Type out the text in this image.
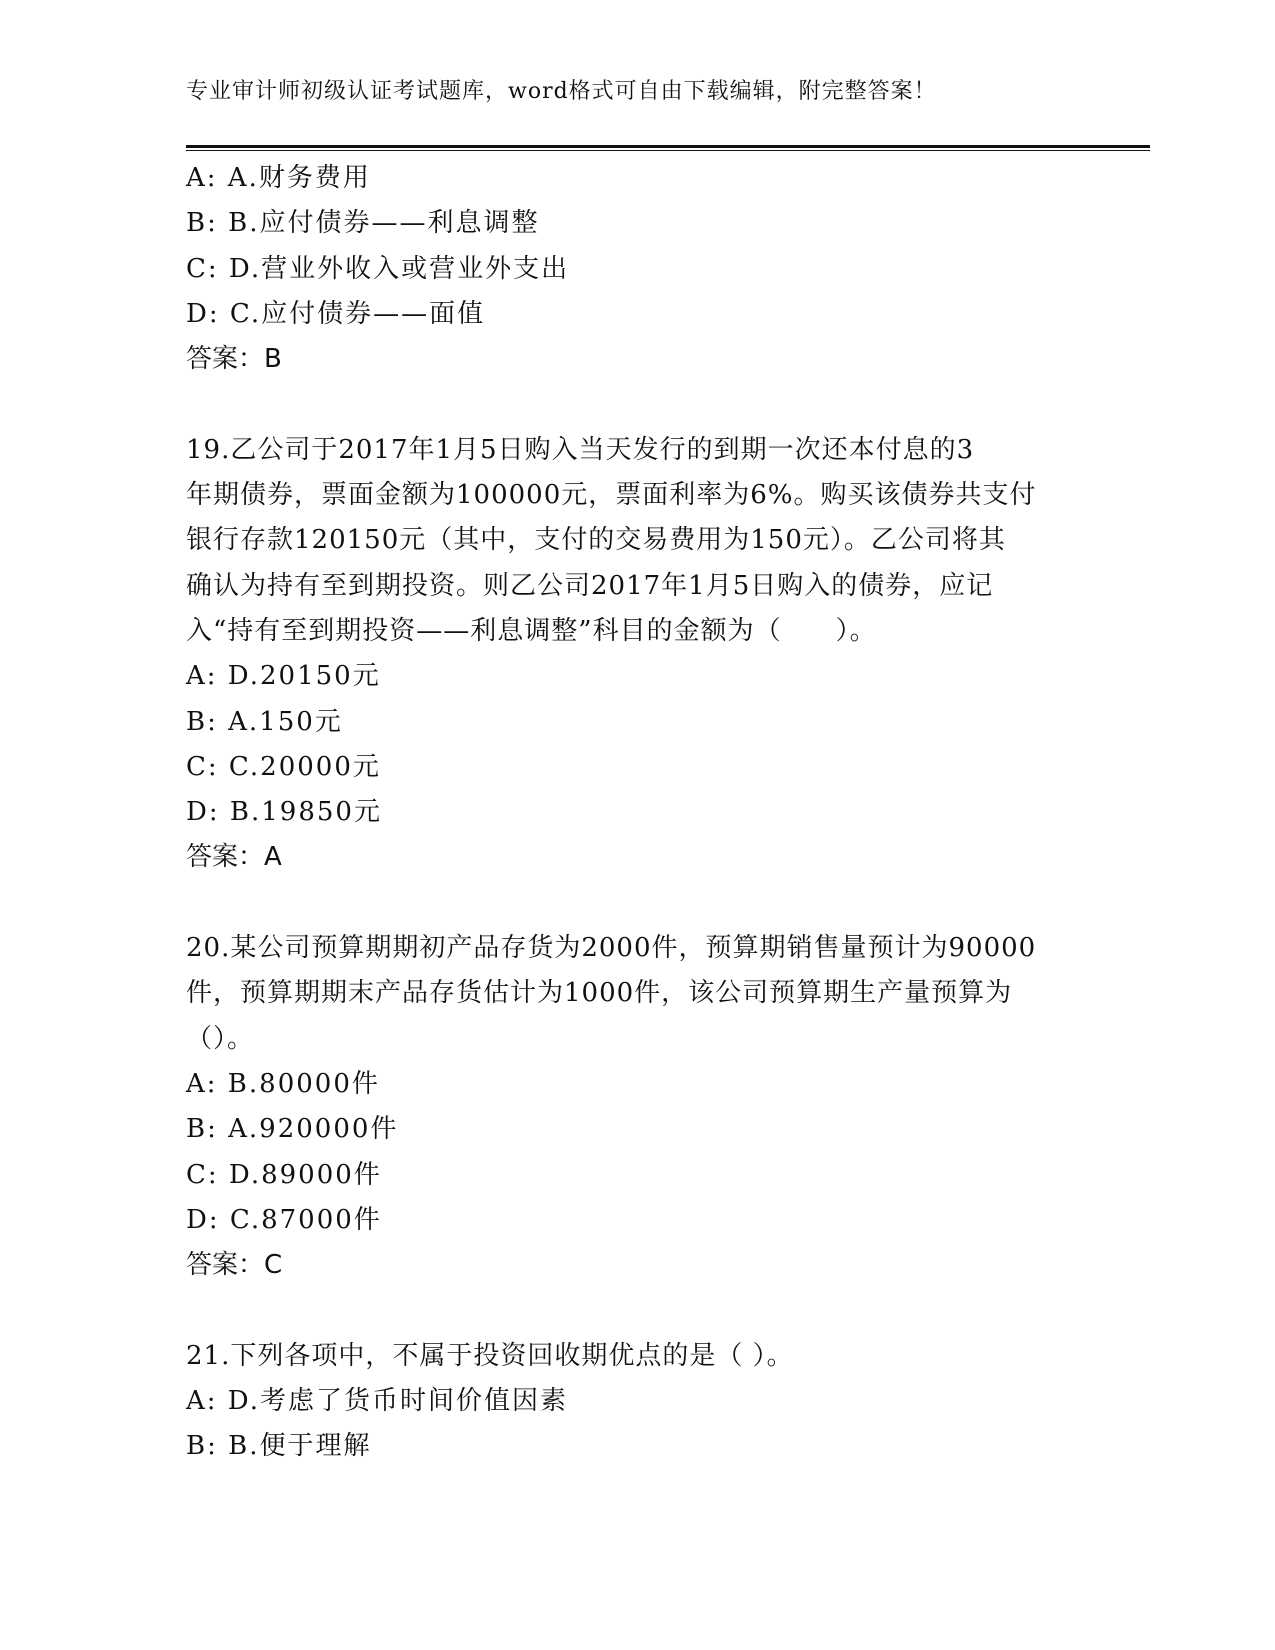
专业审计师初级认证考试题库，word格式可自由下载编辑，附完整答案！
A: A.财务费用
B: B.应付债券——利息调整
C: D.营业外收入或营业外支出
D: C.应付债券——面值
答案：B
19.乙公司于2017年1月5日购入当天发行的到期一次还本付息的3
年期债券，票面金额为100000元，票面利率为6%。购买该债券共支付
银行存款120150元（其中，支付的交易费用为150元）。乙公司将其
确认为持有至到期投资。则乙公司2017年1月5日购入的债券，应记
入“持有至到期投资——利息调整”科目的金额为（　　）。
A: D.20150元
B: A.150元
C: C.20000元
D: B.19850元
答案：A
20.某公司预算期期初产品存货为2000件，预算期销售量预计为90000
件，预算期期末产品存货估计为1000件，该公司预算期生产量预算为
（）。
A: B.80000件
B: A.920000件
C: D.89000件
D: C.87000件
答案：C
21.下列各项中，不属于投资回收期优点的是（ ）。
A: D.考虑了货币时间价值因素
B: B.便于理解
